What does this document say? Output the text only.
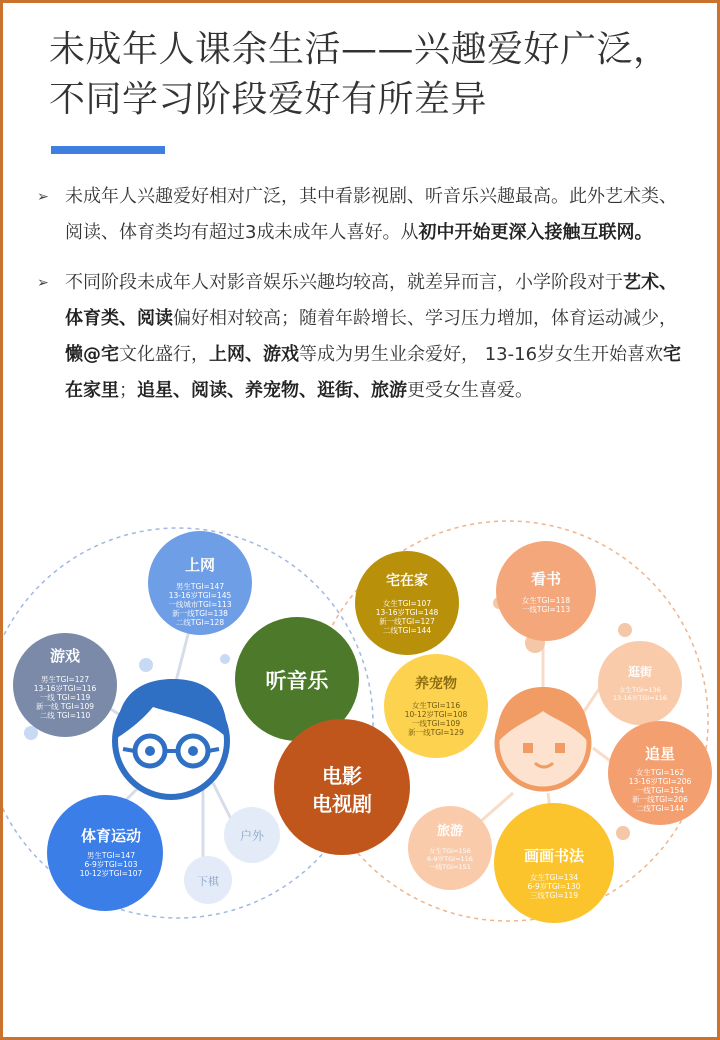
未成年人课余生活——兴趣爱好广泛，
不同学习阶段爱好有所差异
➢ 未成年人兴趣爱好相对广泛，其中看影视剧、听音乐兴趣最高。此外艺术类、阅读、体育类均有超过3成未成年人喜好。从初中开始更深入接触互联网。
➢ 不同阶段未成年人对影音娱乐兴趣均较高，就差异而言，小学阶段对于艺术、体育类、阅读偏好相对较高；随着年龄增长、学习压力增加，体育运动减少，懒@宅文化盛行，上网、游戏等成为男生业余爱好， 13-16岁女生开始喜欢宅在家里；追星、阅读、养宠物、逛街、旅游更受女生喜爱。
上网
男生TGI=147
13-16岁TGI=145
一线城市TGI=113
新一线TGI=138
二线TGI=128
游戏
男生TGI=127
13-16岁TGI=116
一线 TGI=119
新一线 TGI=109
二线 TGI=110
体育运动
男生TGI=147
6-9岁TGI=103
10-12岁TGI=107
户外
下棋
听音乐
电影
电视剧
宅在家
女生TGI=107
13-16岁TGI=148
新一线TGI=127
二线TGI=144
养宠物
女生TGI=116
10-12岁TGI=108
一线TGI=109
新一线TGI=129
看书
女生TGI=118
一线TGI=113
逛街
女生TGI=136
13-16岁TGI=116
追星
女生TGI=162
13-16岁TGI=206
一线TGI=154
新一线TGI=206
二线TGI=144
旅游
女生TGI=156
6-9岁TGI=116
一线TGI=151
画画书法
女生TGI=134
6-9岁TGI=130
三线TGI=119
